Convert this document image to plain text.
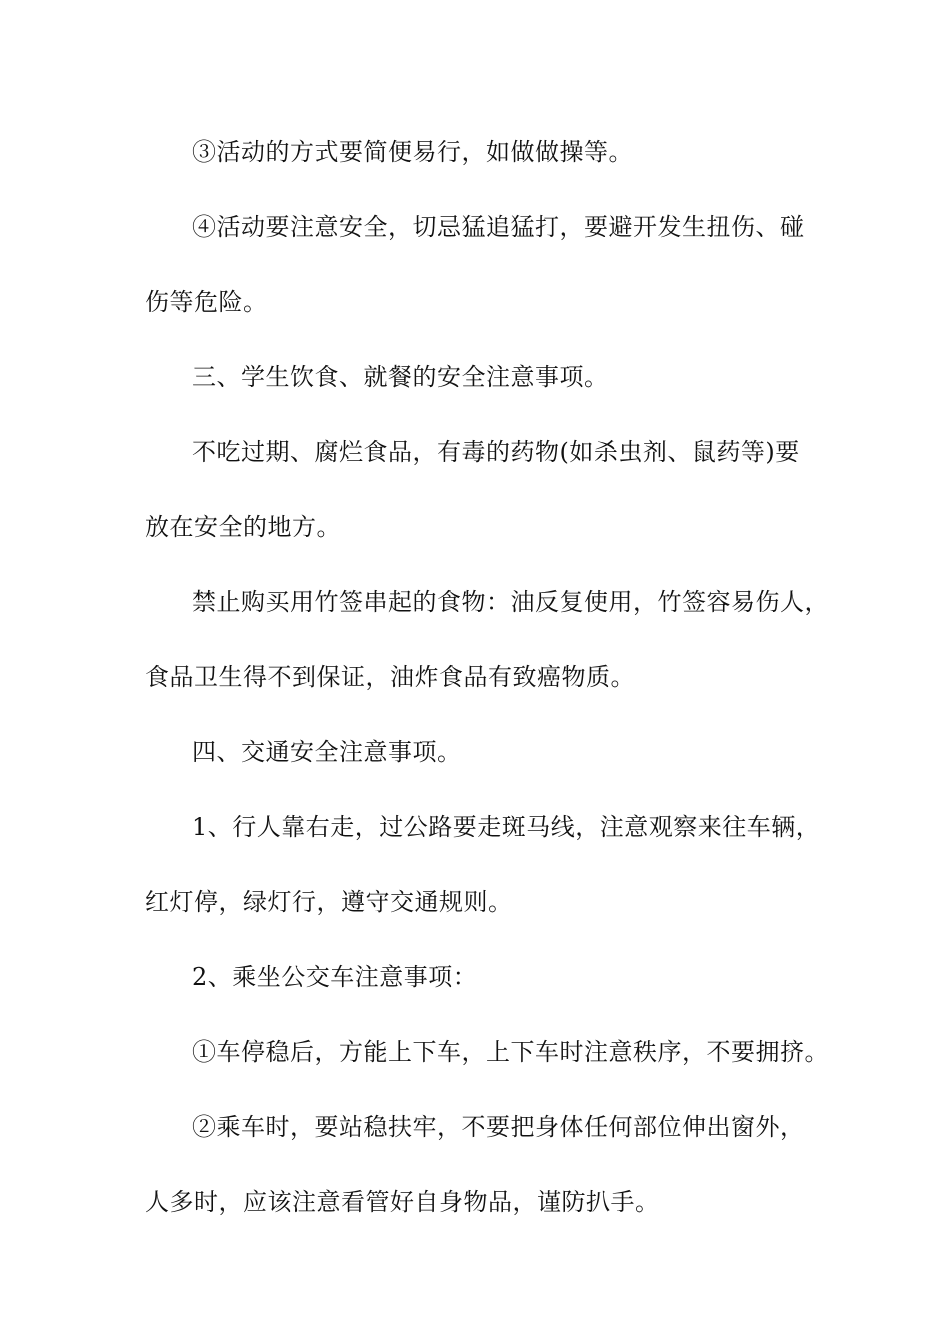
③活动的方式要简便易行，如做做操等。
④活动要注意安全，切忌猛追猛打，要避开发生扭伤、碰
伤等危险。
三、学生饮食、就餐的安全注意事项。
不吃过期、腐烂食品，有毒的药物(如杀虫剂、鼠药等)要
放在安全的地方。
禁止购买用竹签串起的食物：油反复使用，竹签容易伤人，
食品卫生得不到保证，油炸食品有致癌物质。
四、交通安全注意事项。
1、行人靠右走，过公路要走斑马线，注意观察来往车辆，
红灯停，绿灯行，遵守交通规则。
2、乘坐公交车注意事项：
①车停稳后，方能上下车，上下车时注意秩序，不要拥挤。
②乘车时，要站稳扶牢，不要把身体任何部位伸出窗外，
人多时，应该注意看管好自身物品，谨防扒手。
